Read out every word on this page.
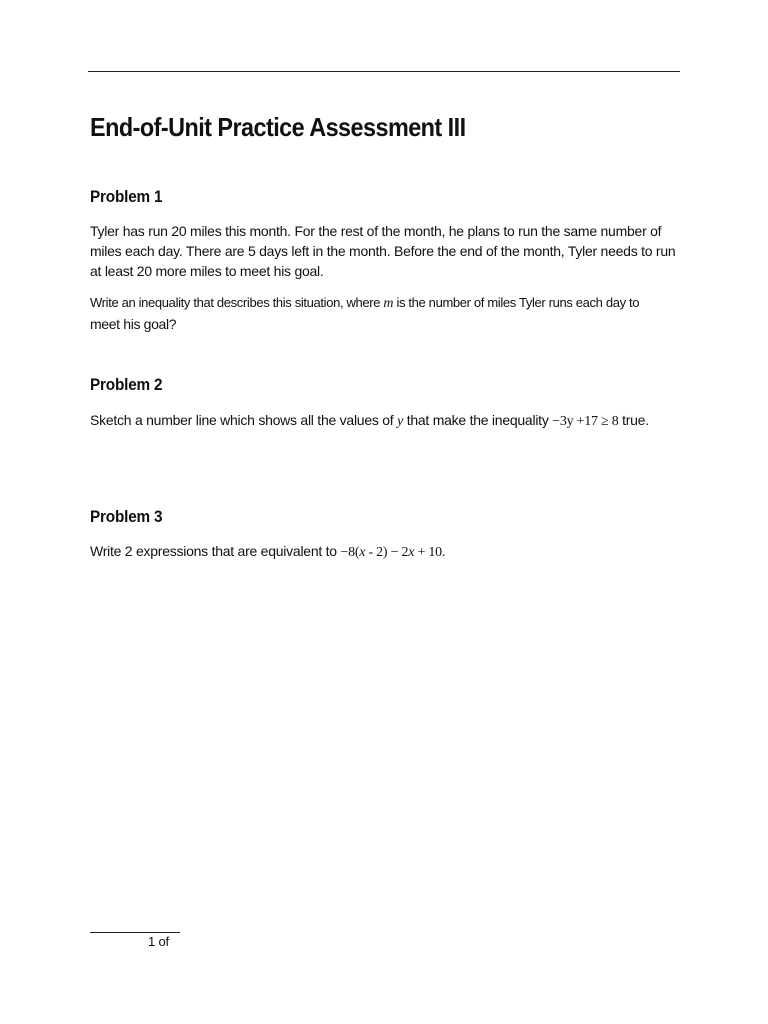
End-of-Unit Practice Assessment III
Problem 1

Tyler has run 20 miles this month. For the rest of the month, he plans to run the same number of miles each day. There are 5 days left in the month. Before the end of the month, Tyler needs to run at least 20 more miles to meet his goal.

Write an inequality that describes this situation, where m is the number of miles Tyler runs each day to
meet his goal?

Problem 2

Sketch a number line which shows all the values of y that make the inequality −3y +17 ≥ 8 true.

Problem 3

Write 2 expressions that are equivalent to −8(x - 2) − 2x + 10.

1 of
